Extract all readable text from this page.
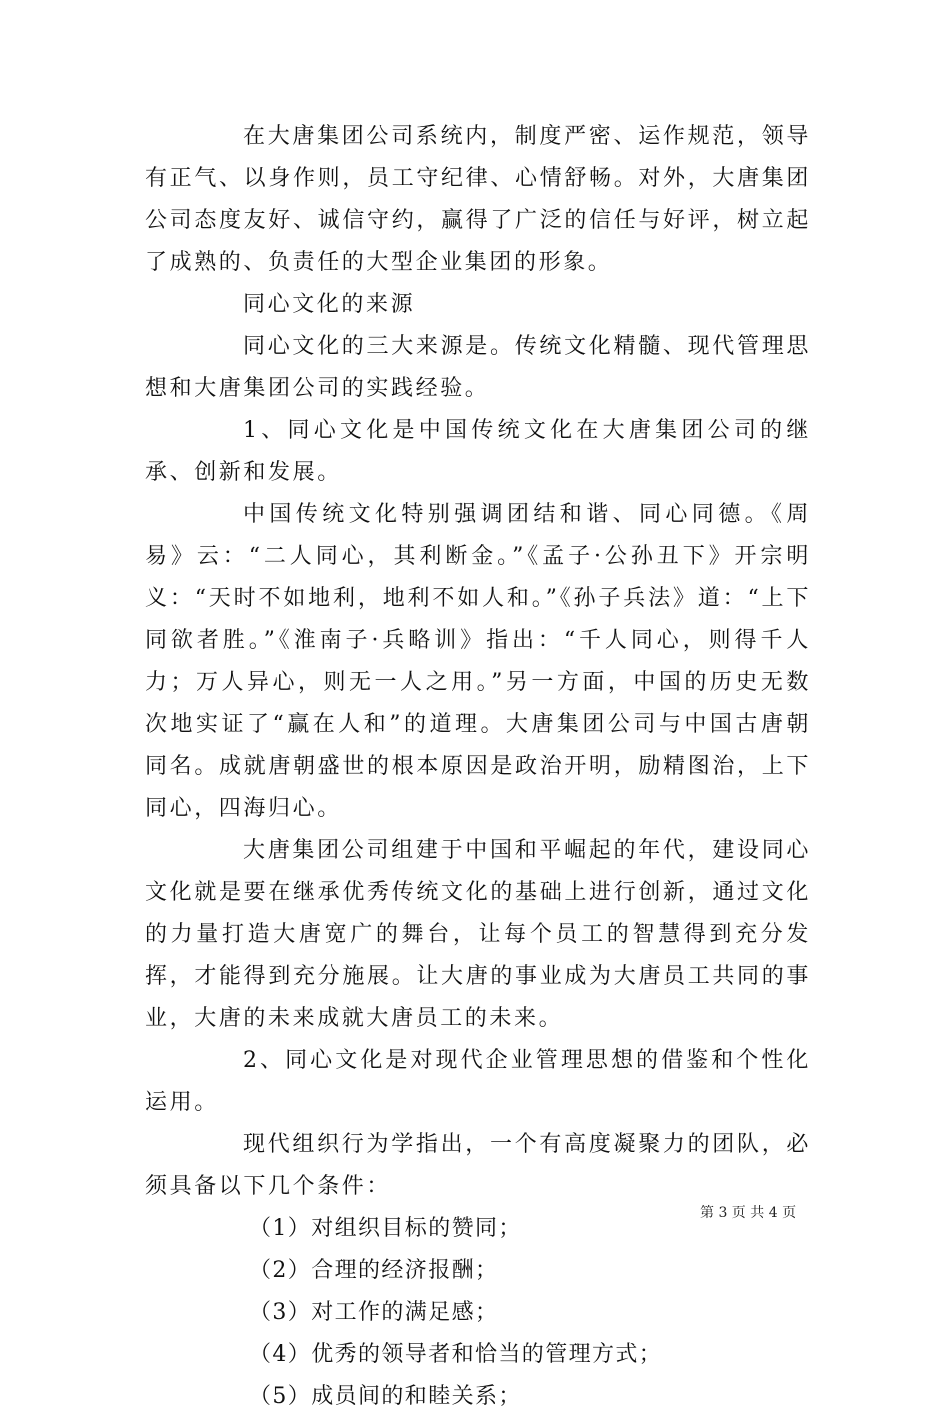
在大唐集团公司系统内，制度严密、运作规范，领导有正气、以身作则，员工守纪律、心情舒畅。对外，大唐集团公司态度友好、诚信守约，赢得了广泛的信任与好评，树立起了成熟的、负责任的大型企业集团的形象。

同心文化的来源

同心文化的三大来源是。传统文化精髓、现代管理思想和大唐集团公司的实践经验。

1、同心文化是中国传统文化在大唐集团公司的继承、创新和发展。

中国传统文化特别强调团结和谐、同心同德。《周易》云：“二人同心，其利断金。”《孟子·公孙丑下》开宗明义：“天时不如地利，地利不如人和。”《孙子兵法》道：“上下同欲者胜。”《淮南子·兵略训》指出：“千人同心，则得千人力；万人异心，则无一人之用。”另一方面，中国的历史无数次地实证了“赢在人和”的道理。大唐集团公司与中国古唐朝同名。成就唐朝盛世的根本原因是政治开明，励精图治，上下同心，四海归心。

大唐集团公司组建于中国和平崛起的年代，建设同心文化就是要在继承优秀传统文化的基础上进行创新，通过文化的力量打造大唐宽广的舞台，让每个员工的智慧得到充分发挥，才能得到充分施展。让大唐的事业成为大唐员工共同的事业，大唐的未来成就大唐员工的未来。

2、同心文化是对现代企业管理思想的借鉴和个性化运用。

现代组织行为学指出，一个有高度凝聚力的团队，必须具备以下几个条件：

（1）对组织目标的赞同；

（2）合理的经济报酬；

（3）对工作的满足感；

（4）优秀的领导者和恰当的管理方式；

（5）成员间的和睦关系；

第 3 页 共 4 页
